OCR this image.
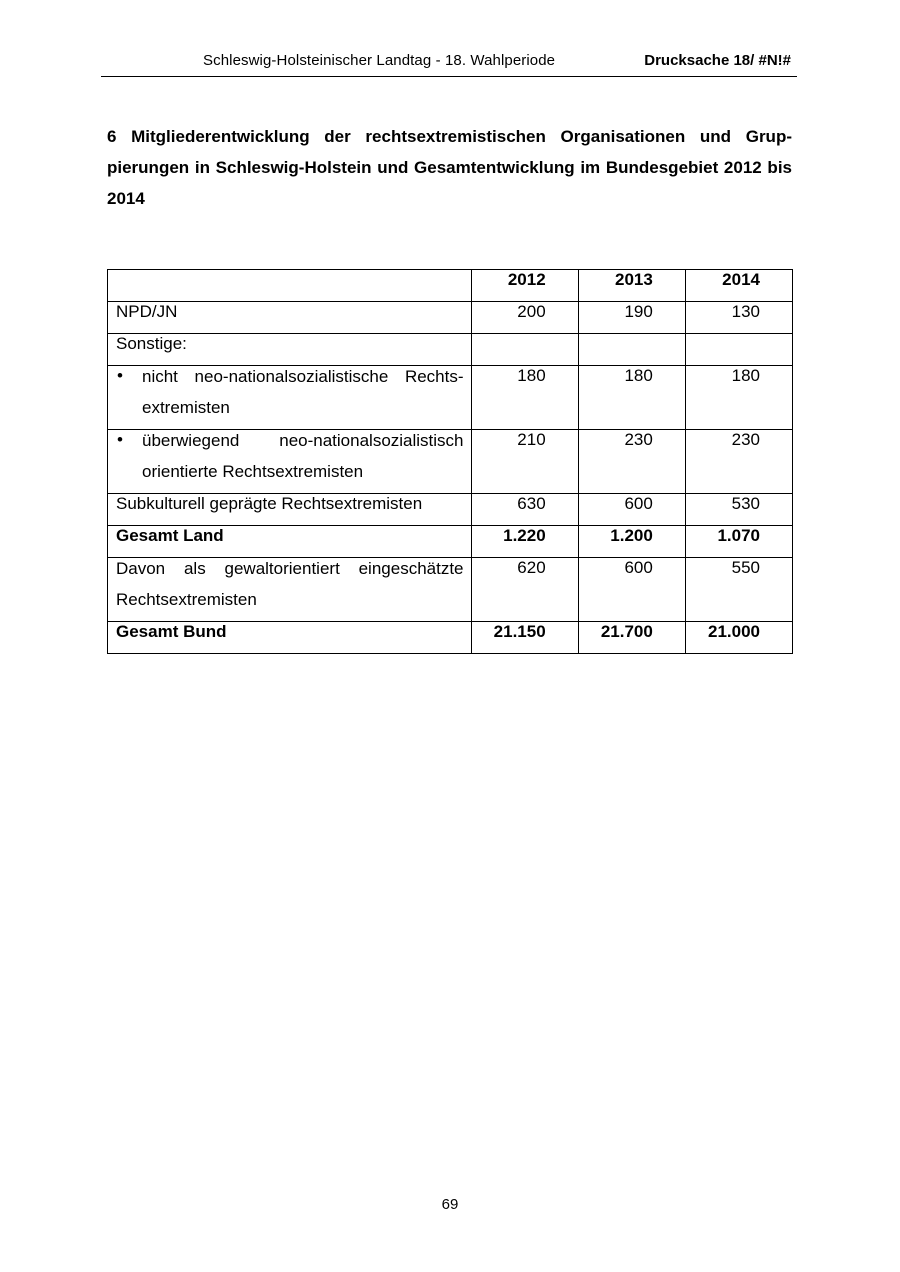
Schleswig-Holsteinischer Landtag - 18. Wahlperiode	Drucksache 18/ #N!#

6 Mitgliederentwicklung der rechtsextremistischen Organisationen und Grup-pierungen in Schleswig-Holstein und Gesamtentwicklung im Bundesgebiet 2012 bis 2014

	2012	2013	2014

NPD/JN	200	190	130

Sonstige:			

• nicht neo-nationalsozialistische Rechts-extremisten	180	180	180

• überwiegend neo-nationalsozialistisch orientierte Rechtsextremisten	210	230	230

Subkulturell geprägte Rechtsextremisten	630	600	530

Gesamt Land	1.220	1.200	1.070

Davon als gewaltorientiert eingeschätzte Rechtsextremisten	620	600	550

Gesamt Bund	21.150	21.700	21.000
69
